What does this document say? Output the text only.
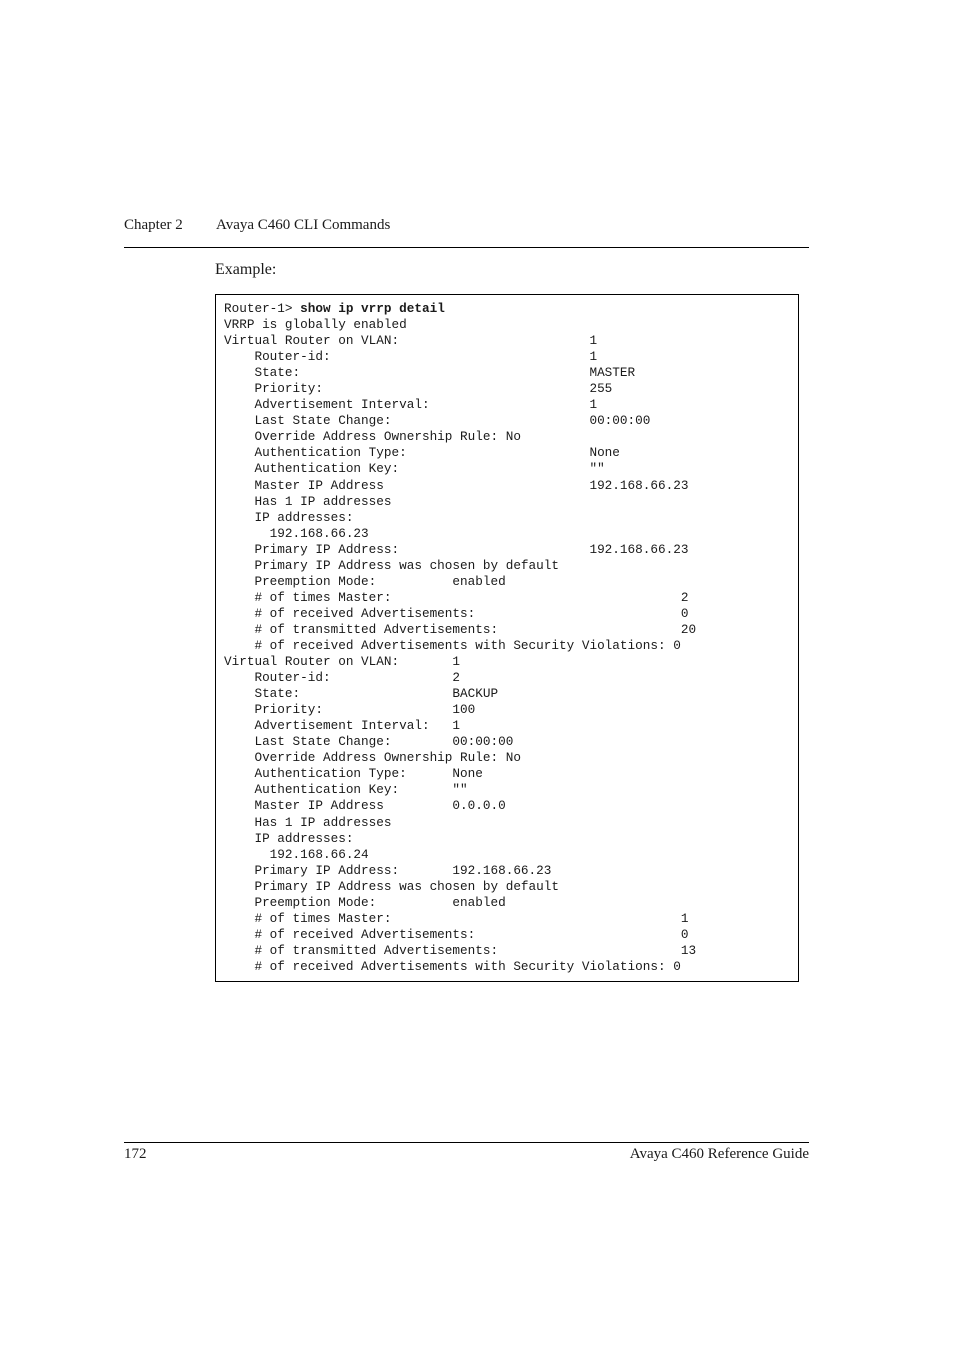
Chapter 2 Avaya C460 CLI Commands
Example:
Router-1> show ip vrrp detail
VRRP is globally enabled
Virtual Router on VLAN:                         1
Router-id:                                  1
State:                                      MASTER
Priority:                                   255
Advertisement Interval:                     1
Last State Change:                          00:00:00
Override Address Ownership Rule: No
Authentication Type:                        None
Authentication Key:                         ""
Master IP Address                           192.168.66.23
Has 1 IP addresses
IP addresses:
192.168.66.23
Primary IP Address:                         192.168.66.23
Primary IP Address was chosen by default
Preemption Mode:          enabled
# of times Master:                                      2
# of received Advertisements:                           0
# of transmitted Advertisements:                        20
# of received Advertisements with Security Violations: 0
Virtual Router on VLAN:       1
Router-id:                2
State:                    BACKUP
Priority:                 100
Advertisement Interval:   1
Last State Change:        00:00:00
Override Address Ownership Rule: No
Authentication Type:      None
Authentication Key:       ""
Master IP Address         0.0.0.0
Has 1 IP addresses
IP addresses:
192.168.66.24
Primary IP Address:       192.168.66.23
Primary IP Address was chosen by default
Preemption Mode:          enabled
# of times Master:                                      1
# of received Advertisements:                           0
# of transmitted Advertisements:                        13
# of received Advertisements with Security Violations: 0
172	Avaya C460 Reference Guide
